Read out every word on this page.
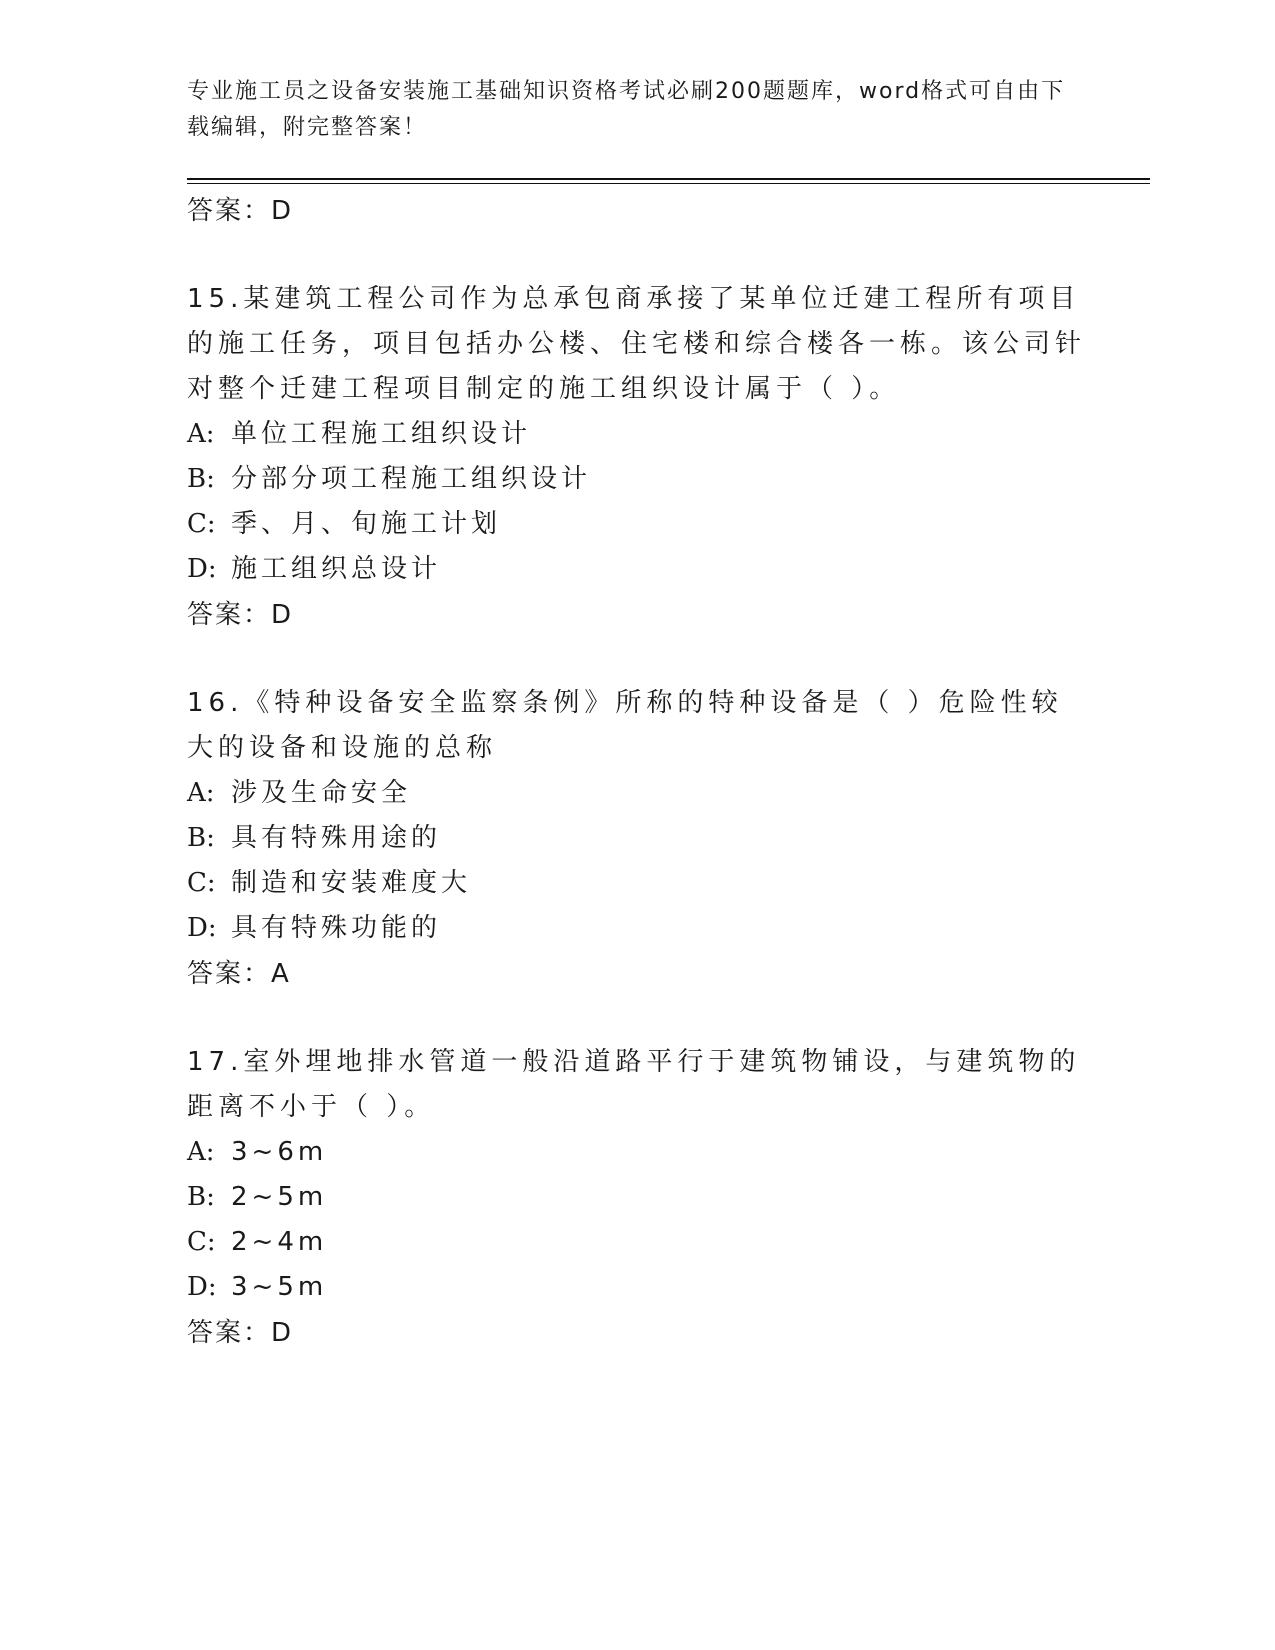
专业施工员之设备安装施工基础知识资格考试必刷200题题库，word格式可自由下载编辑，附完整答案！
答案：D
15.某建筑工程公司作为总承包商承接了某单位迁建工程所有项目的施工任务，项目包括办公楼、住宅楼和综合楼各一栋。该公司针对整个迁建工程项目制定的施工组织设计属于（ ）。
A: 单位工程施工组织设计
B: 分部分项工程施工组织设计
C: 季、月、旬施工计划
D: 施工组织总设计
答案：D
16.《特种设备安全监察条例》所称的特种设备是（ ）危险性较大的设备和设施的总称
A: 涉及生命安全
B: 具有特殊用途的
C: 制造和安装难度大
D: 具有特殊功能的
答案：A
17.室外埋地排水管道一般沿道路平行于建筑物铺设，与建筑物的距离不小于（ ）。
A: 3~6m
B: 2~5m
C: 2~4m
D: 3~5m
答案：D
